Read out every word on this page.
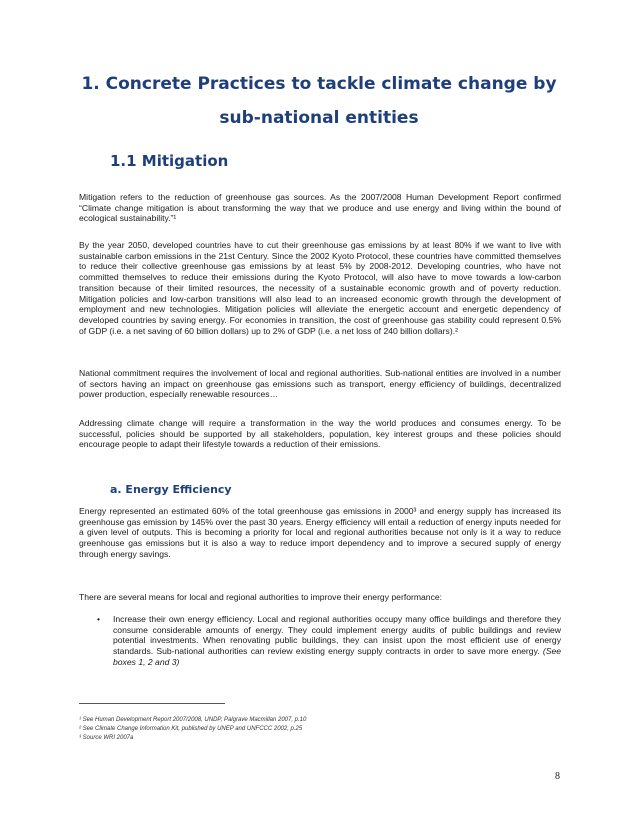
1. Concrete Practices to tackle climate change by
sub-national entities
1.1 Mitigation

Mitigation refers to the reduction of greenhouse gas sources. As the 2007/2008 Human Development Report confirmed “Climate change mitigation is about transforming the way that we produce and use energy and living within the bound of ecological sustainability.”¹

By the year 2050, developed countries have to cut their greenhouse gas emissions by at least 80% if we want to live with sustainable carbon emissions in the 21st Century. Since the 2002 Kyoto Protocol, these countries have committed themselves to reduce their collective greenhouse gas emissions by at least 5% by 2008-2012. Developing countries, who have not committed themselves to reduce their emissions during the Kyoto Protocol, will also have to move towards a low-carbon transition because of their limited resources, the necessity of a sustainable economic growth and of poverty reduction. Mitigation policies and low-carbon transitions will also lead to an increased economic growth through the development of employment and new technologies. Mitigation policies will alleviate the energetic account and energetic dependency of developed countries by saving energy. For economies in transition, the cost of greenhouse gas stability could represent 0.5% of GDP (i.e. a net saving of 60 billion dollars) up to 2% of GDP (i.e. a net loss of 240 billion dollars).²

National commitment requires the involvement of local and regional authorities. Sub-national entities are involved in a number of sectors having an impact on greenhouse gas emissions such as transport, energy efficiency of buildings, decentralized power production, especially renewable resources…

Addressing climate change will require a transformation in the way the world produces and consumes energy. To be successful, policies should be supported by all stakeholders, population, key interest groups and these policies should encourage people to adapt their lifestyle towards a reduction of their emissions.

a. Energy Efficiency

Energy represented an estimated 60% of the total greenhouse gas emissions in 2000³ and energy supply has increased its greenhouse gas emission by 145% over the past 30 years. Energy efficiency will entail a reduction of energy inputs needed for a given level of outputs. This is becoming a priority for local and regional authorities because not only is it a way to reduce greenhouse gas emissions but it is also a way to reduce import dependency and to improve a secured supply of energy through energy savings.

There are several means for local and regional authorities to improve their energy performance:

• Increase their own energy efficiency. Local and regional authorities occupy many office buildings and therefore they consume considerable amounts of energy. They could implement energy audits of public buildings and review potential investments. When renovating public buildings, they can insist upon the most efficient use of energy standards. Sub-national authorities can review existing energy supply contracts in order to save more energy. (See boxes 1, 2 and 3)
¹ See Human Development Report 2007/2008, UNDP, Palgrave Macmillan 2007, p.10
² See Climate Change Information Kit, published by UNEP and UNFCCC 2002, p.25
³ Source WRI 2007a
8
